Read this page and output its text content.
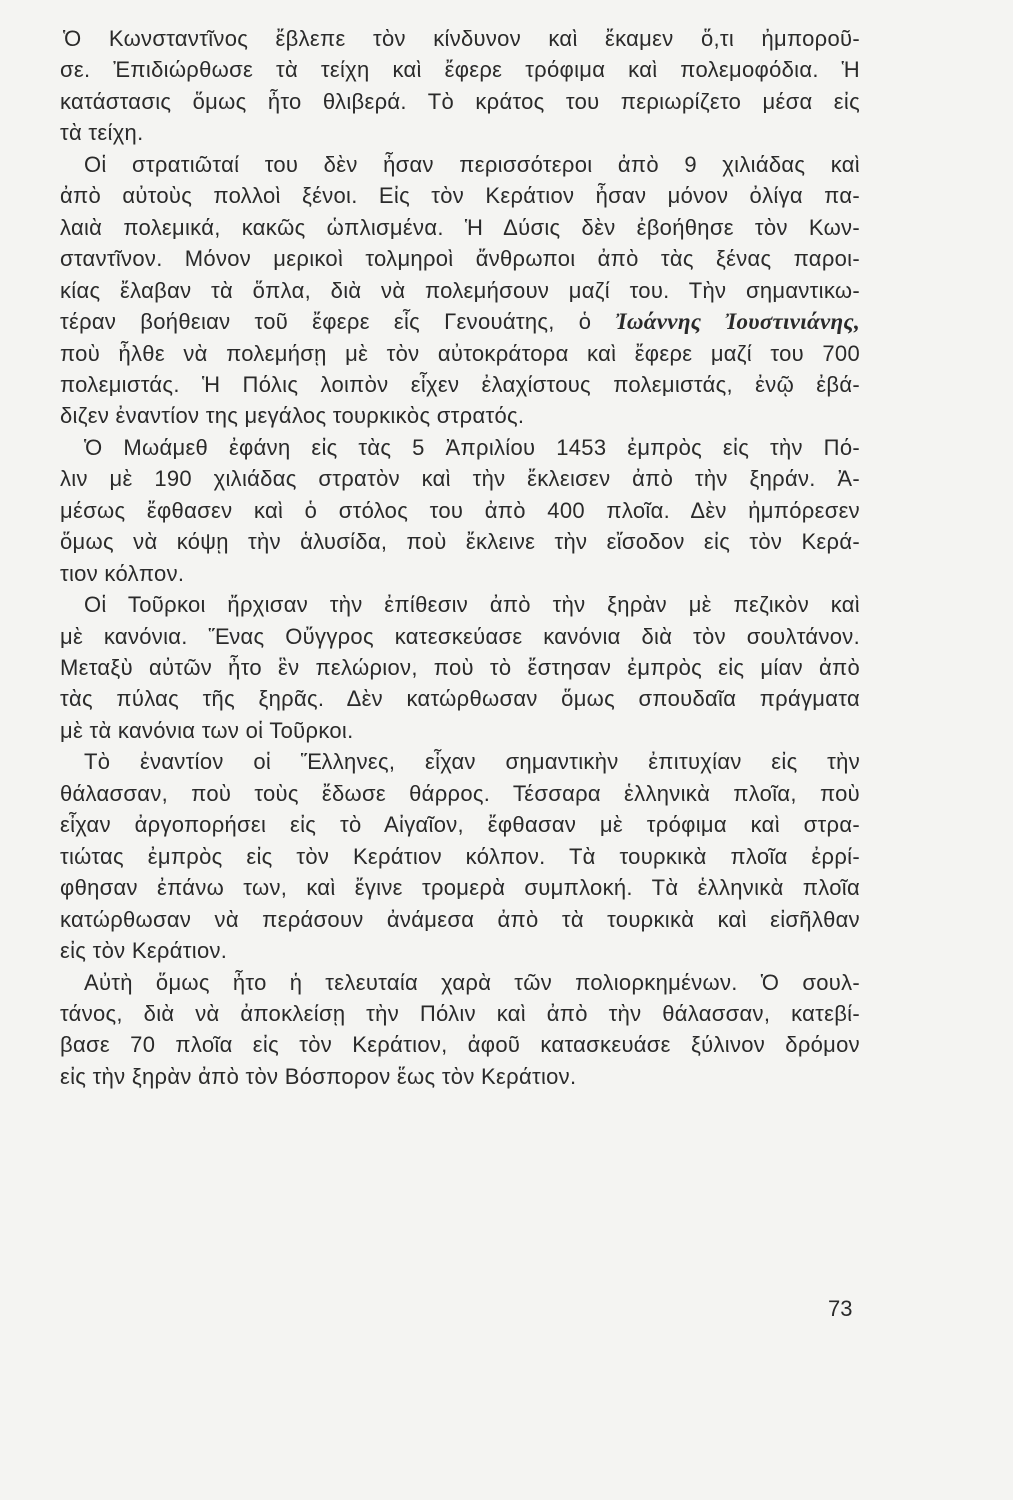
73
Ὁ Κωνσταντῖνος ἔβλεπε τὸν κίνδυνον καὶ ἔκαμεν ὅ,τι ἠμποροῦ-
σε. Ἐπιδιώρθωσε τὰ τείχη καὶ ἔφερε τρόφιμα καὶ πολεμοφόδια. Ἡ
κατάστασις ὅμως ἦτο θλιβερά. Τὸ κράτος του περιωρίζετο μέσα εἰς
τὰ τείχη.
Οἱ στρατιῶταί του δὲν ἦσαν περισσότεροι ἀπὸ 9 χιλιάδας καὶ
ἀπὸ αὐτοὺς πολλοὶ ξένοι. Εἰς τὸν Κεράτιον ἦσαν μόνον ὀλίγα πα-
λαιὰ πολεμικά, κακῶς ὡπλισμένα. Ἡ Δύσις δὲν ἐβοήθησε τὸν Κων-
σταντῖνον. Μόνον μερικοὶ τολμηροὶ ἄνθρωποι ἀπὸ τὰς ξένας παροι-
κίας ἔλαβαν τὰ ὅπλα, διὰ νὰ πολεμήσουν μαζί του. Τὴν σημαντικω-
τέραν βοήθειαν τοῦ ἔφερε εἷς Γενουάτης, ὁ Ἰωάννης Ἰουστινιάνης,
ποὺ ἦλθε νὰ πολεμήσῃ μὲ τὸν αὐτοκράτορα καὶ ἔφερε μαζί του 700
πολεμιστάς. Ἡ Πόλις λοιπὸν εἶχεν ἐλαχίστους πολεμιστάς, ἐνῷ ἐβά-
διζεν ἐναντίον της μεγάλος τουρκικὸς στρατός.
Ὁ Μωάμεθ ἐφάνη εἰς τὰς 5 Ἀπριλίου 1453 ἐμπρὸς εἰς τὴν Πό-
λιν μὲ 190 χιλιάδας στρατὸν καὶ τὴν ἔκλεισεν ἀπὸ τὴν ξηράν. Ἀ-
μέσως ἔφθασεν καὶ ὁ στόλος του ἀπὸ 400 πλοῖα. Δὲν ἠμπόρεσεν
ὅμως νὰ κόψῃ τὴν ἁλυσίδα, ποὺ ἔκλεινε τὴν εἴσοδον εἰς τὸν Κερά-
τιον κόλπον.
Οἱ Τοῦρκοι ἤρχισαν τὴν ἐπίθεσιν ἀπὸ τὴν ξηρὰν μὲ πεζικὸν καὶ
μὲ κανόνια. Ἕνας Οὔγγρος κατεσκεύασε κανόνια διὰ τὸν σουλτάνον.
Μεταξὺ αὐτῶν ἦτο ἓν πελώριον, ποὺ τὸ ἔστησαν ἐμπρὸς εἰς μίαν ἀπὸ
τὰς πύλας τῆς ξηρᾶς. Δὲν κατώρθωσαν ὅμως σπουδαῖα πράγματα
μὲ τὰ κανόνια των οἱ Τοῦρκοι.
Τὸ ἐναντίον οἱ Ἕλληνες, εἶχαν σημαντικὴν ἐπιτυχίαν εἰς τὴν
θάλασσαν, ποὺ τοὺς ἔδωσε θάρρος. Τέσσαρα ἑλληνικὰ πλοῖα, ποὺ
εἶχαν ἀργοπορήσει εἰς τὸ Αἰγαῖον, ἔφθασαν μὲ τρόφιμα καὶ στρα-
τιώτας ἐμπρὸς εἰς τὸν Κεράτιον κόλπον. Τὰ τουρκικὰ πλοῖα ἐρρί-
φθησαν ἐπάνω των, καὶ ἔγινε τρομερὰ συμπλοκή. Τὰ ἑλληνικὰ πλοῖα
κατώρθωσαν νὰ περάσουν ἀνάμεσα ἀπὸ τὰ τουρκικὰ καὶ εἰσῆλθαν
εἰς τὸν Κεράτιον.
Αὐτὴ ὅμως ἦτο ἡ τελευταία χαρὰ τῶν πολιορκημένων. Ὁ σουλ-
τάνος, διὰ νὰ ἀποκλείσῃ τὴν Πόλιν καὶ ἀπὸ τὴν θάλασσαν, κατεβί-
βασε 70 πλοῖα εἰς τὸν Κεράτιον, ἀφοῦ κατασκευάσε ξύλινον δρόμον
εἰς τὴν ξηρὰν ἀπὸ τὸν Βόσπορον ἕως τὸν Κεράτιον.
